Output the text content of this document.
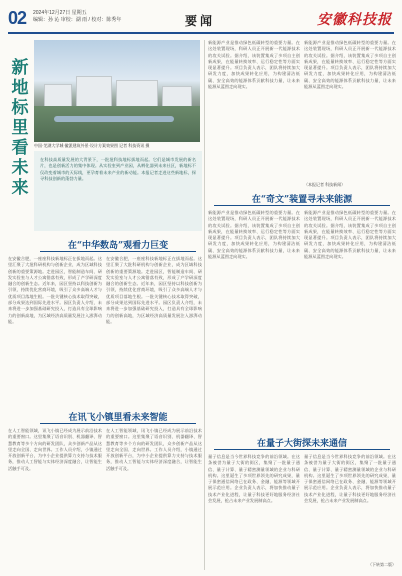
02 2024年12月27日 星期五
编辑：孙 沁 审校：湖 雨 / 校对：陈秀年	要闻	安徽科技报
新地标里看未来
中国·芜湖大学城·徽派建筑外景·设计方案效果图 记者 科技资讯 摄
在科技高质量发展的大背景下，一批批科技地标拔地而起。它们是城市发展的新名片，也是创新活力的集中体现。从实验室到产业园，从孵化器到未来社区，新地标不仅改变着城市的天际线，更孕育着未来产业的新动能。本报记者走进这些新地标，探寻科技创新的蓬勃力量。
在“中华数岛”观看力巨变
在安徽合肥，一座座科技新地标正在拔地而起。这里汇聚了大批科研机构与创新企业，成为区域科技创新的重要策源地。走进园区，智能制造车间、研发实验室与人才公寓错落有致，形成了产学研深度融合的创新生态。近年来，园区坚持以科技创新为引领，持续优化营商环境，吸引了众多高端人才与优质项目落地生根。一批关键核心技术取得突破，部分成果达到国际先进水平。园区负责人介绍，未来将进一步加强基础研究投入，打造具有全球影响力的创新高地，为区域经济高质量发展注入澎湃动能。
在安徽合肥，一座座科技新地标正在拔地而起。这里汇聚了大批科研机构与创新企业，成为区域科技创新的重要策源地。走进园区，智能制造车间、研发实验室与人才公寓错落有致，形成了产学研深度融合的创新生态。近年来，园区坚持以科技创新为引领，持续优化营商环境，吸引了众多高端人才与优质项目落地生根。一批关键核心技术取得突破，部分成果达到国际先进水平。园区负责人介绍，未来将进一步加强基础研究投入，打造具有全球影响力的创新高地，为区域经济高质量发展注入澎湃动能。
在讯飞小镇里看未来智能
在人工智能领域，讯飞小镇已经成为展示前沿技术的重要窗口。这里集聚了语音识别、机器翻译、智慧教育等多个方向的研发团队，众多创新产品从这里走向全国、走向世界。工作人员介绍，小镇通过开放创新平台，为中小企业提供算力支持与技术服务，推动人工智能与实体经济深度融合，让智能生活触手可及。
在人工智能领域，讯飞小镇已经成为展示前沿技术的重要窗口。这里集聚了语音识别、机器翻译、智慧教育等多个方向的研发团队，众多创新产品从这里走向全国、走向世界。工作人员介绍，小镇通过开放创新平台，为中小企业提供算力支持与技术服务，推动人工智能与实体经济深度融合，让智能生活触手可及。
新能源产业是推动绿色低碳转型的重要力量。在这处装置现场，科研人员正开展新一代能源技术的攻关试验。据介绍，该装置集成了多项自主创新成果，在能量转换效率、运行稳定性等方面实现显著提升。项目负责人表示，团队将持续加大研发力度，加快成果转化应用，为构建清洁低碳、安全高效的能源体系贡献科技力量，让未来能源从蓝图走向现实。
新能源产业是推动绿色低碳转型的重要力量。在这处装置现场，科研人员正开展新一代能源技术的攻关试验。据介绍，该装置集成了多项自主创新成果，在能量转换效率、运行稳定性等方面实现显著提升。项目负责人表示，团队将持续加大研发力度，加快成果转化应用，为构建清洁低碳、安全高效的能源体系贡献科技力量，让未来能源从蓝图走向现实。
（本报记者 科技新闻）
在“奇文”装置寻未来能源
新能源产业是推动绿色低碳转型的重要力量。在这处装置现场，科研人员正开展新一代能源技术的攻关试验。据介绍，该装置集成了多项自主创新成果，在能量转换效率、运行稳定性等方面实现显著提升。项目负责人表示，团队将持续加大研发力度，加快成果转化应用，为构建清洁低碳、安全高效的能源体系贡献科技力量，让未来能源从蓝图走向现实。
新能源产业是推动绿色低碳转型的重要力量。在这处装置现场，科研人员正开展新一代能源技术的攻关试验。据介绍，该装置集成了多项自主创新成果，在能量转换效率、运行稳定性等方面实现显著提升。项目负责人表示，团队将持续加大研发力度，加快成果转化应用，为构建清洁低碳、安全高效的能源体系贡献科技力量，让未来能源从蓝图走向现实。
在量子大街探未来通信
量子信息是当今世界科技竞争的前沿领域。在这条被誉为量子大街的街区，集聚了一批量子通信、量子计算、量子精密测量领域的企业与科研机构。这里诞生了多项世界领先的研究成果，量子保密通信网络已在政务、金融、能源等领域开展示范应用。企业负责人表示，将加快推动量子技术产业化进程，让量子科技更好地服务经济社会发展，抢占未来产业发展制高点。
量子信息是当今世界科技竞争的前沿领域。在这条被誉为量子大街的街区，集聚了一批量子通信、量子计算、量子精密测量领域的企业与科研机构。这里诞生了多项世界领先的研究成果，量子保密通信网络已在政务、金融、能源等领域开展示范应用。企业负责人表示，将加快推动量子技术产业化进程，让量子科技更好地服务经济社会发展，抢占未来产业发展制高点。
（下转第二版）
